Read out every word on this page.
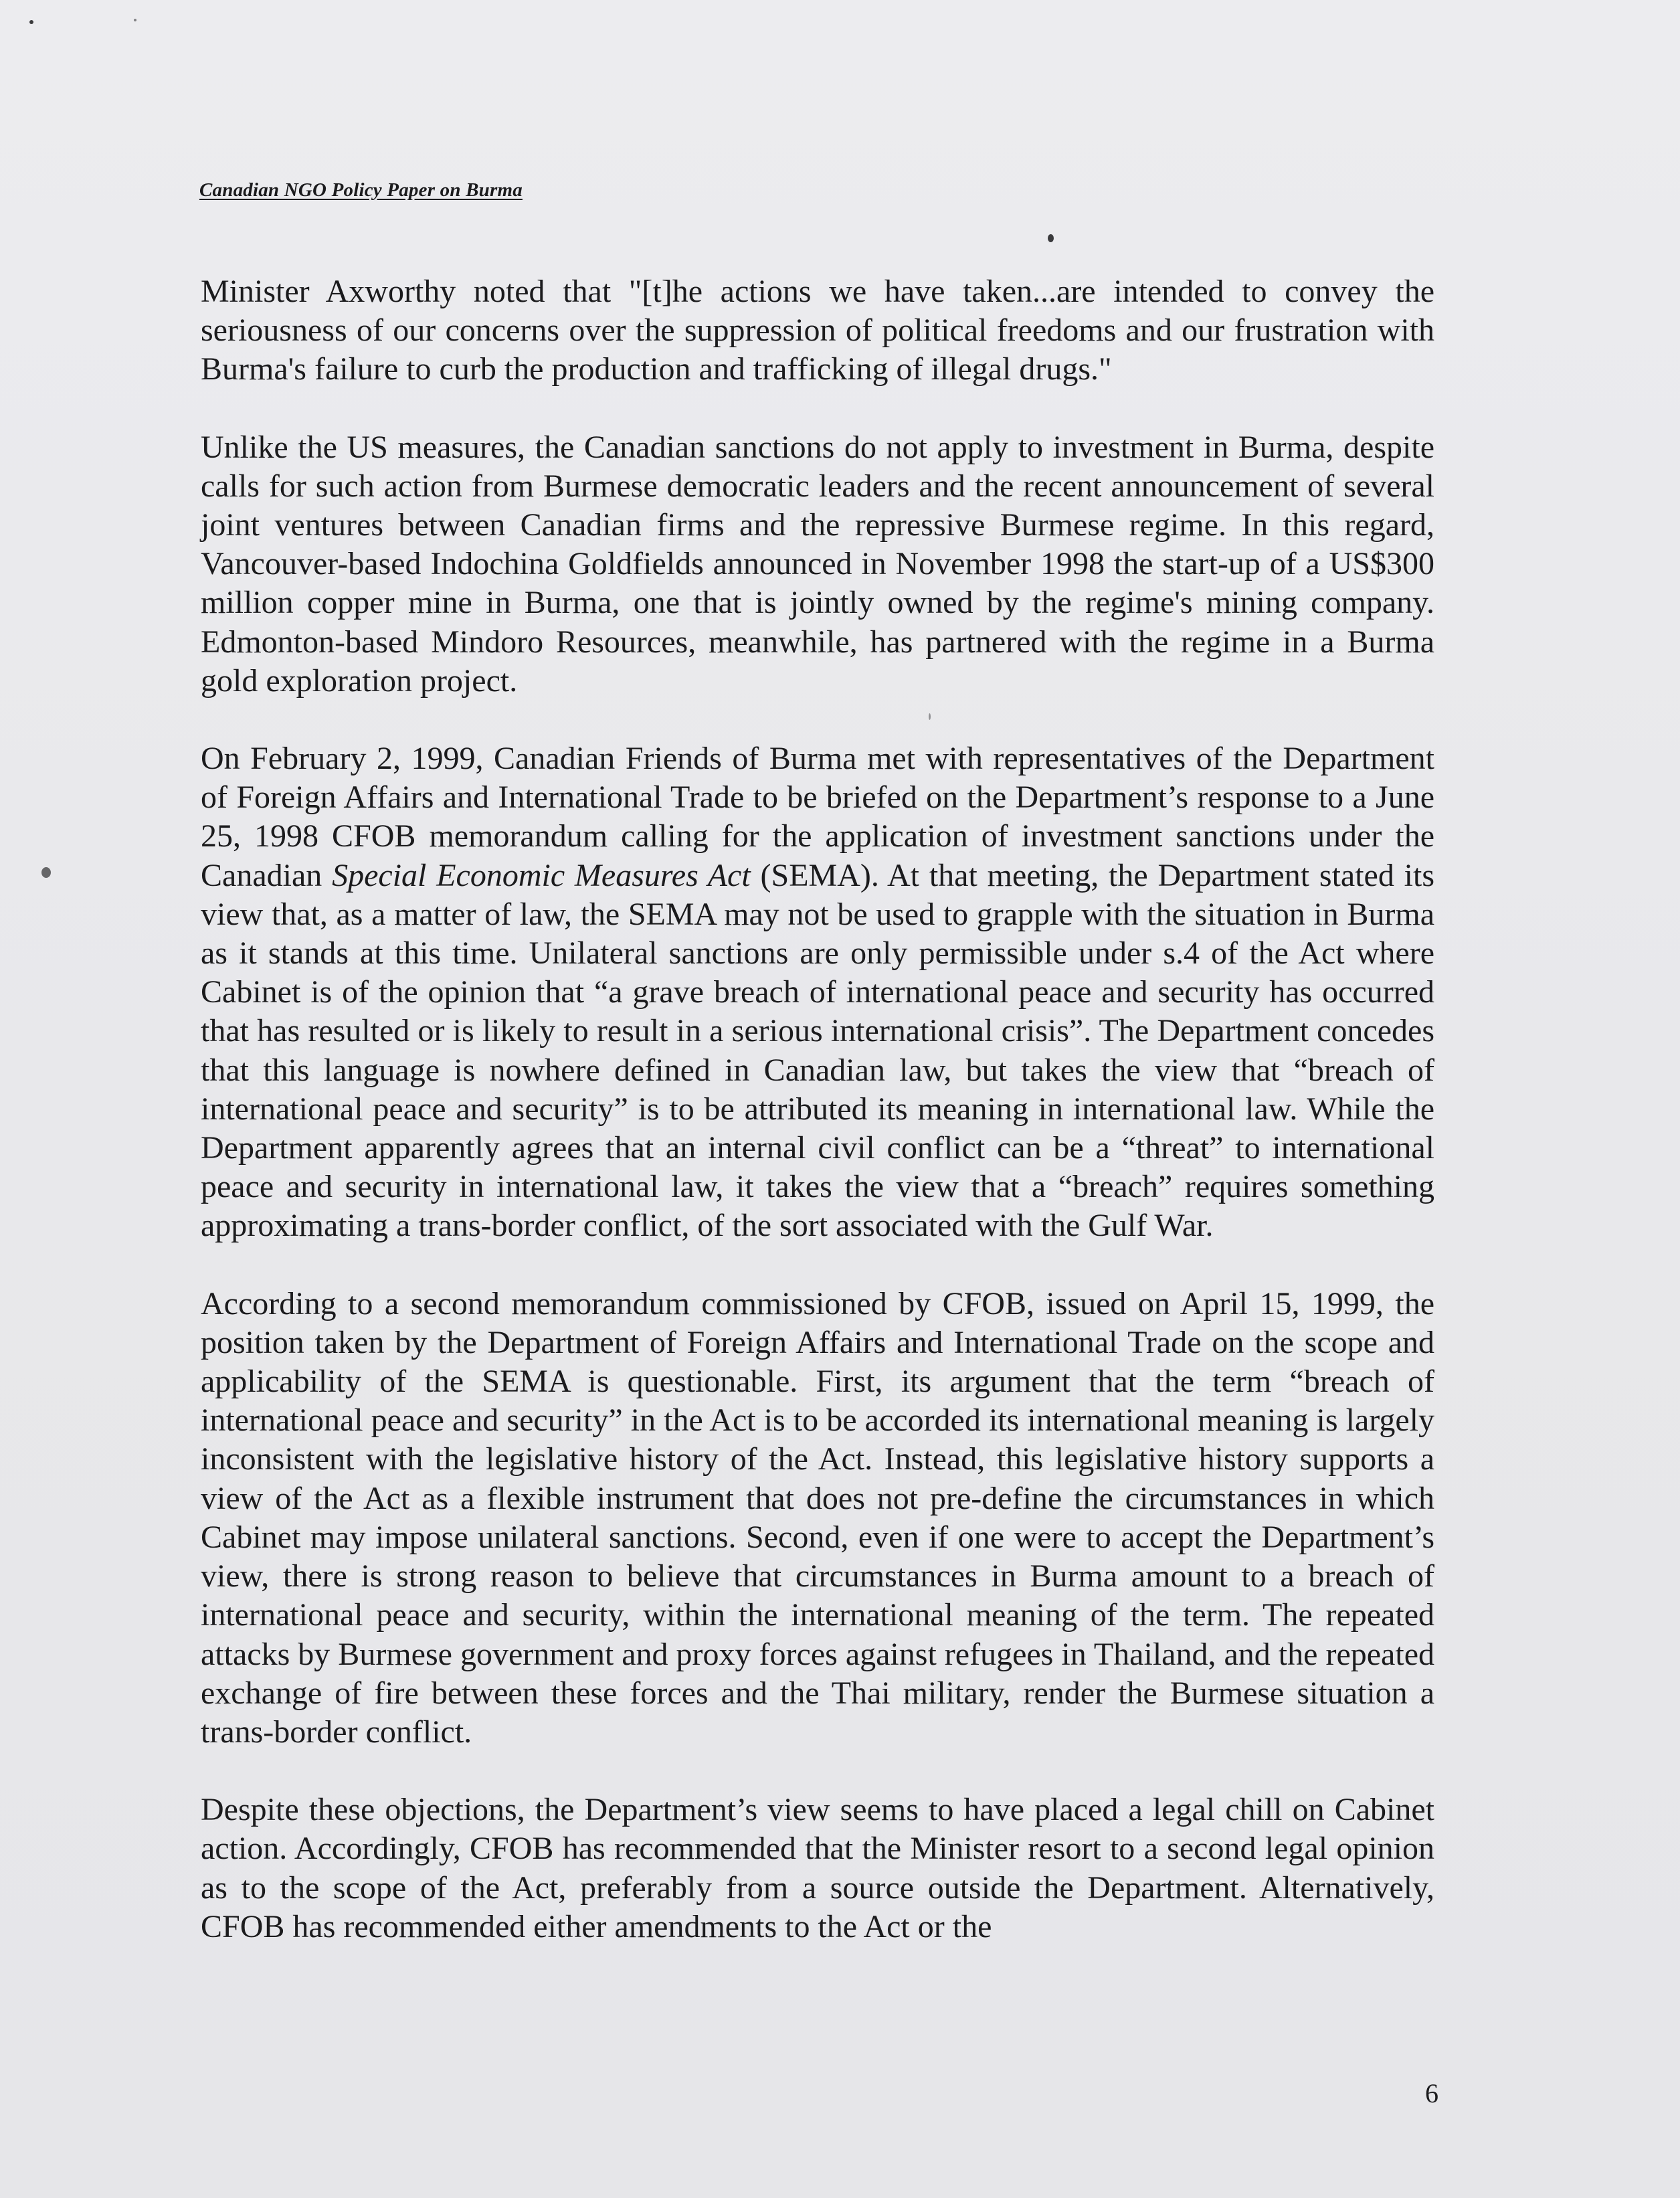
Canadian NGO Policy Paper on Burma

Minister Axworthy noted that "[t]he actions we have taken...are intended to convey the seriousness of our concerns over the suppression of political freedoms and our frustration with Burma's failure to curb the production and trafficking of illegal drugs."

Unlike the US measures, the Canadian sanctions do not apply to investment in Burma, despite calls for such action from Burmese democratic leaders and the recent announcement of several joint ventures between Canadian firms and the repressive Burmese regime. In this regard, Vancouver-based Indochina Goldfields announced in November 1998 the start-up of a US$300 million copper mine in Burma, one that is jointly owned by the regime's mining company. Edmonton-based Mindoro Resources, meanwhile, has partnered with the regime in a Burma gold exploration project.

On February 2, 1999, Canadian Friends of Burma met with representatives of the Department of Foreign Affairs and International Trade to be briefed on the Department’s response to a June 25, 1998 CFOB memorandum calling for the application of investment sanctions under the Canadian Special Economic Measures Act (SEMA). At that meeting, the Department stated its view that, as a matter of law, the SEMA may not be used to grapple with the situation in Burma as it stands at this time. Unilateral sanctions are only permissible under s.4 of the Act where Cabinet is of the opinion that “a grave breach of international peace and security has occurred that has resulted or is likely to result in a serious international crisis”. The Department concedes that this language is nowhere defined in Canadian law, but takes the view that “breach of international peace and security” is to be attributed its meaning in international law. While the Department apparently agrees that an internal civil conflict can be a “threat” to international peace and security in international law, it takes the view that a “breach” requires something approximating a trans-border conflict, of the sort associated with the Gulf War.

According to a second memorandum commissioned by CFOB, issued on April 15, 1999, the position taken by the Department of Foreign Affairs and International Trade on the scope and applicability of the SEMA is questionable. First, its argument that the term “breach of international peace and security” in the Act is to be accorded its international meaning is largely inconsistent with the legislative history of the Act. Instead, this legislative history supports a view of the Act as a flexible instrument that does not pre-define the circumstances in which Cabinet may impose unilateral sanctions. Second, even if one were to accept the Department’s view, there is strong reason to believe that circumstances in Burma amount to a breach of international peace and security, within the international meaning of the term. The repeated attacks by Burmese government and proxy forces against refugees in Thailand, and the repeated exchange of fire between these forces and the Thai military, render the Burmese situation a trans-border conflict.

Despite these objections, the Department’s view seems to have placed a legal chill on Cabinet action. Accordingly, CFOB has recommended that the Minister resort to a second legal opinion as to the scope of the Act, preferably from a source outside the Department. Alternatively, CFOB has recommended either amendments to the Act or the

6
